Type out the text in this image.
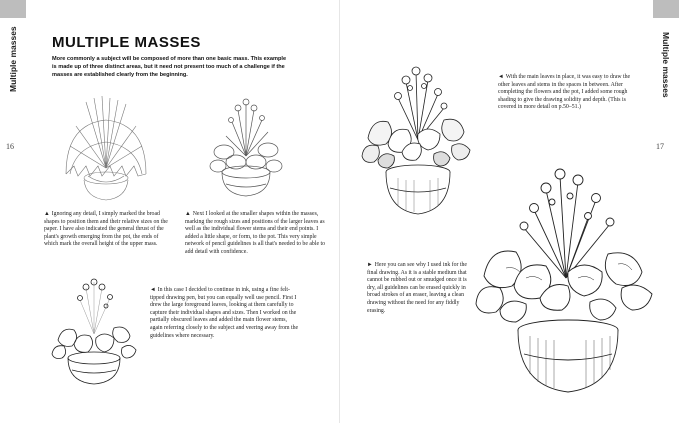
Multiple masses
16
Multiple masses
17
MULTIPLE MASSES
More commonly a subject will be composed of more than one basic mass. This example is made up of three distinct areas, but it need not present too much of a challenge if the masses are established clearly from the beginning.
▲ Ignoring any detail, I simply marked the broad shapes to position them and their relative sizes on the paper. I have also indicated the general thrust of the plant's growth emerging from the pot, the ends of which mark the overall height of the upper mass.
▲ Next I looked at the smaller shapes within the masses, marking the rough sizes and positions of the larger leaves as well as the individual flower stems and their end points. I added a little shape, or form, to the pot. This very simple network of pencil guidelines is all that's needed to be able to add detail with confidence.
◄ In this case I decided to continue in ink, using a fine felt-tipped drawing pen, but you can equally well use pencil. First I drew the large foreground leaves, looking at them carefully to capture their individual shapes and sizes. Then I worked on the partially obscured leaves and added the main flower stems, again referring closely to the subject and veering away from the guidelines where necessary.
◄ With the main leaves in place, it was easy to draw the other leaves and stems in the spaces in between. After completing the flowers and the pot, I added some rough shading to give the drawing solidity and depth. (This is covered in more detail on p.50–51.)
► Here you can see why I used ink for the final drawing. As it is a stable medium that cannot be rubbed out or smudged once it is dry, all guidelines can be erased quickly in broad strokes of an eraser, leaving a clean drawing without the need for any fiddly erasing.
